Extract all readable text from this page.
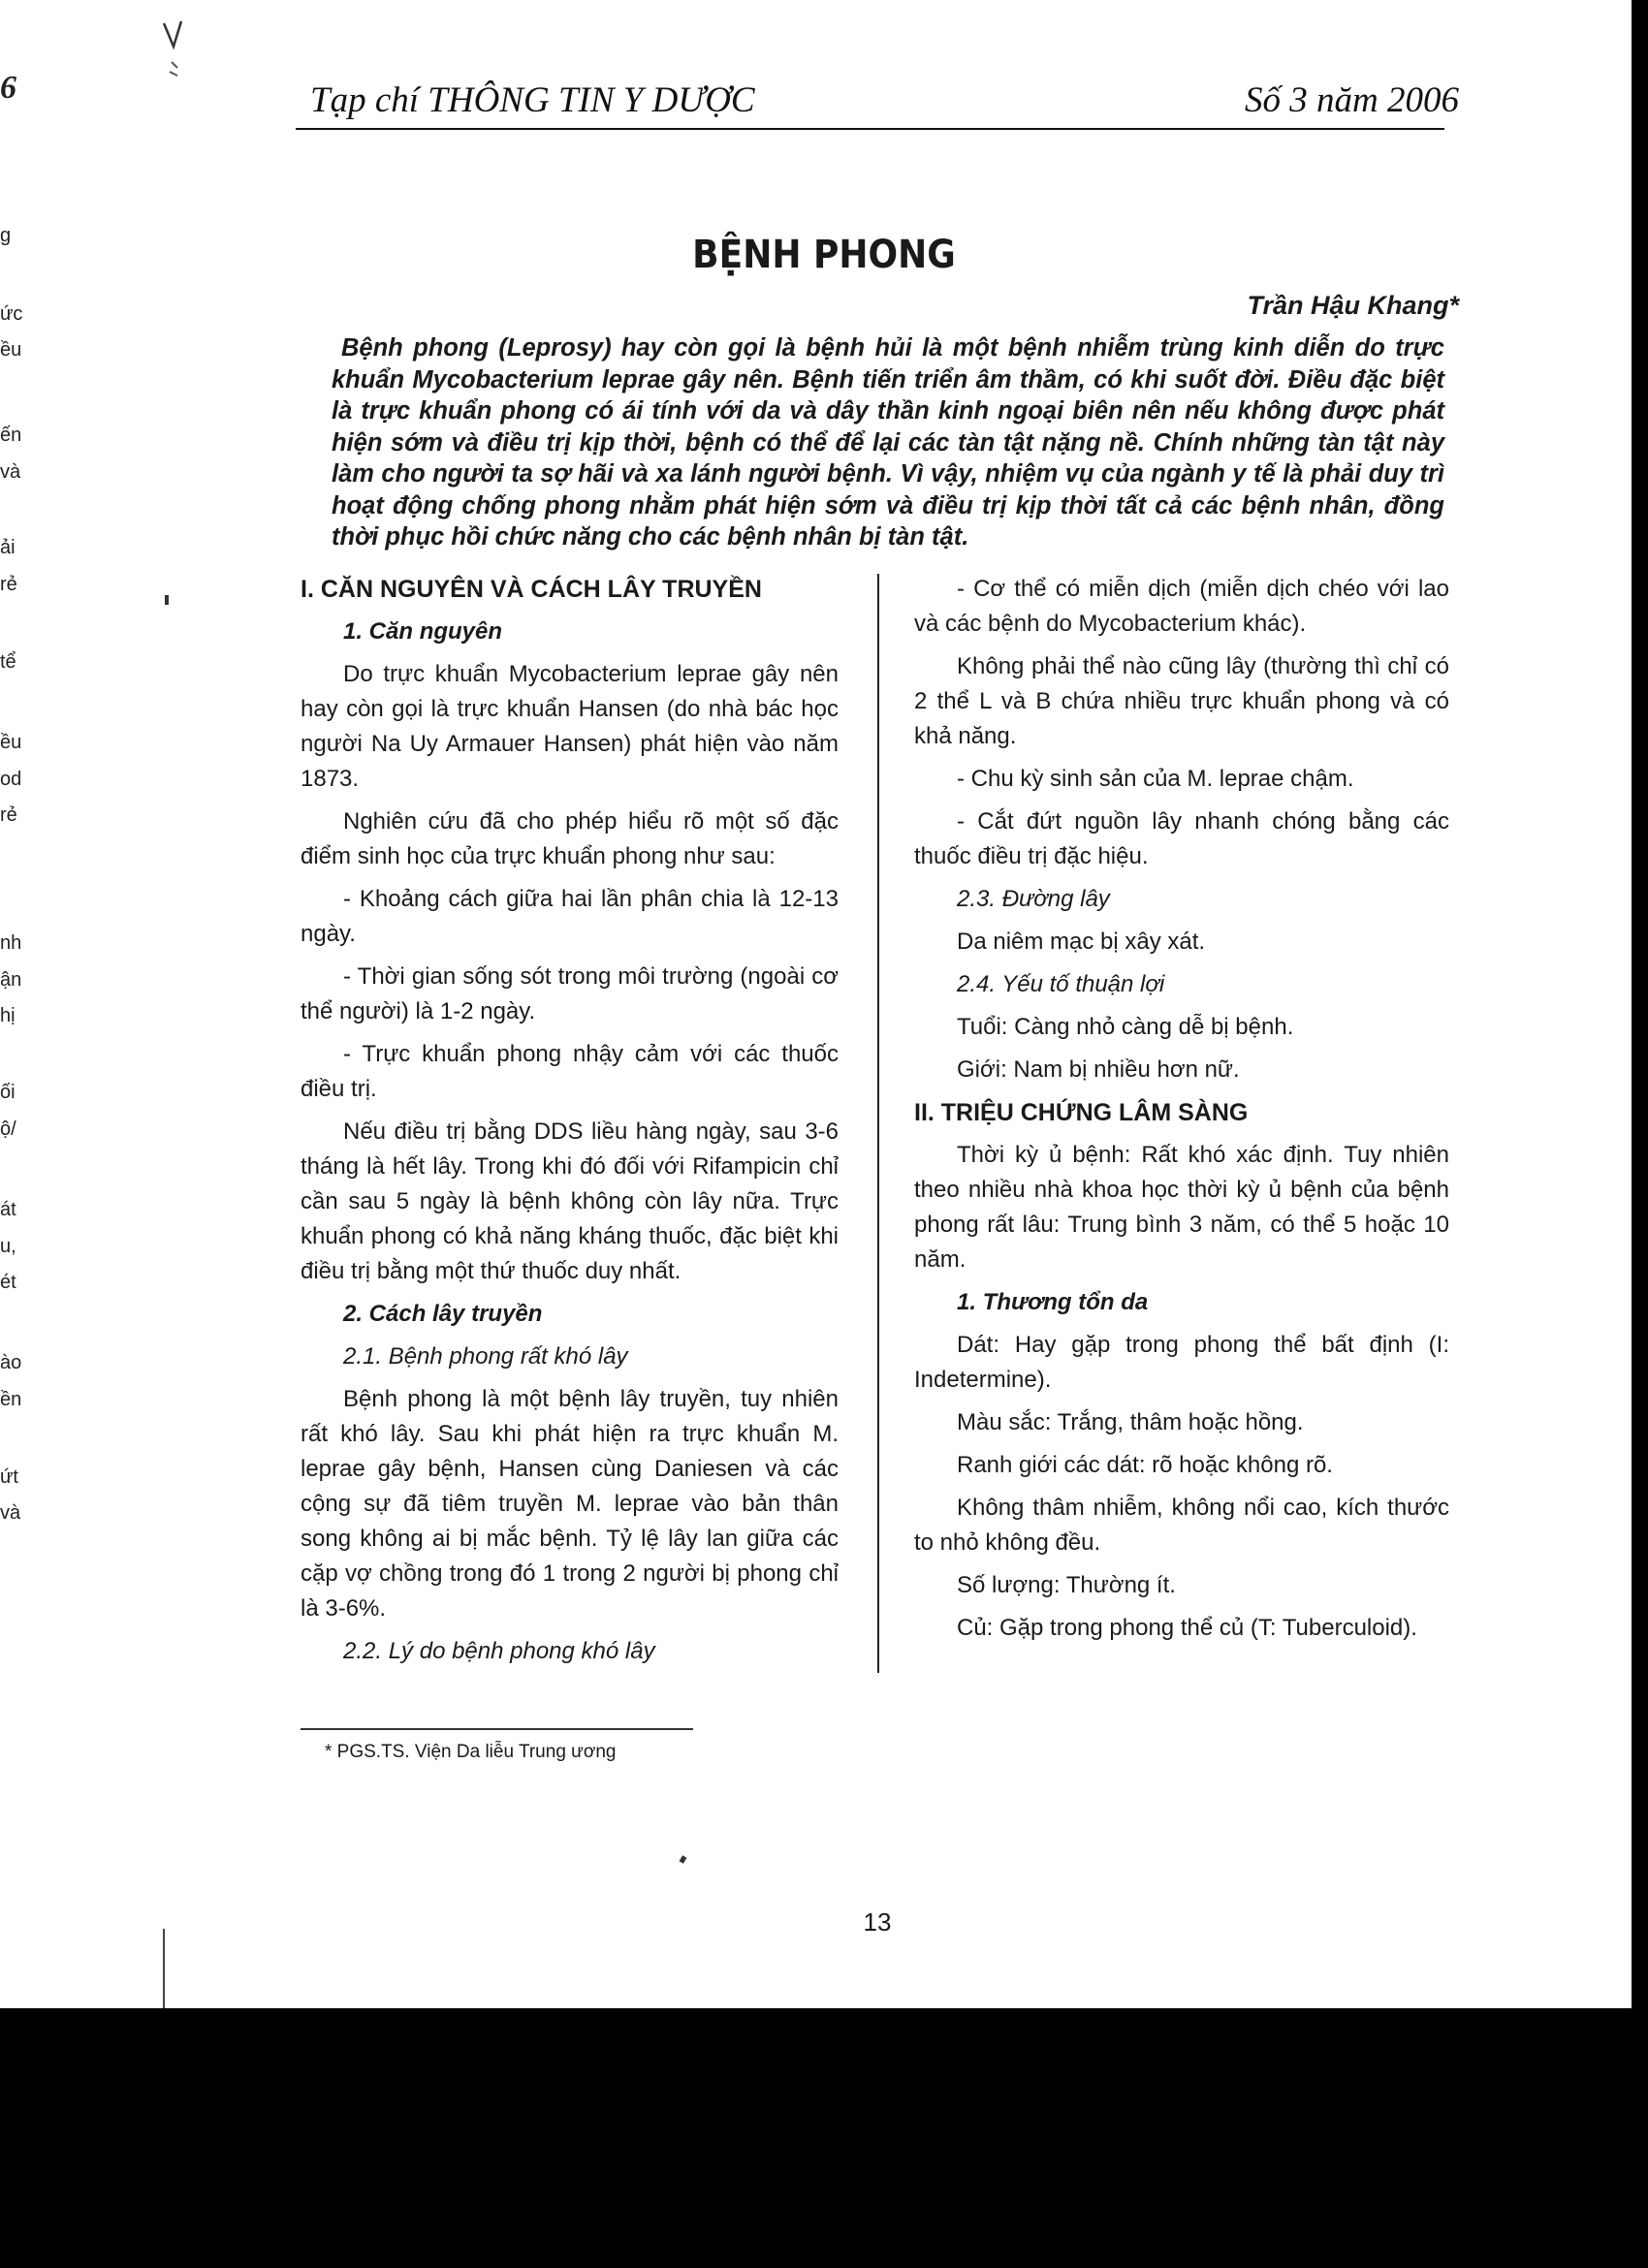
6
g
ức
ều
ến
và
ải
rẻ
tể
ều
od
rẻ
nh
ận
hị
ối
ộ/
át
u,
ét
ào
ền
ứt
và
Tạp chí THÔNG TIN Y DƯỢC	Số 3 năm 2006
BỆNH PHONG
Trần Hậu Khang*

Bệnh phong (Leprosy) hay còn gọi là bệnh hủi là một bệnh nhiễm trùng kinh diễn do trực khuẩn Mycobacterium leprae gây nên. Bệnh tiến triển âm thầm, có khi suốt đời. Điều đặc biệt là trực khuẩn phong có ái tính với da và dây thần kinh ngoại biên nên nếu không được phát hiện sớm và điều trị kịp thời, bệnh có thể để lại các tàn tật nặng nề. Chính những tàn tật này làm cho người ta sợ hãi và xa lánh người bệnh. Vì vậy, nhiệm vụ của ngành y tế là phải duy trì hoạt động chống phong nhằm phát hiện sớm và điều trị kịp thời tất cả các bệnh nhân, đồng thời phục hồi chức năng cho các bệnh nhân bị tàn tật.

I. CĂN NGUYÊN VÀ CÁCH LÂY TRUYỀN
1. Căn nguyên

Do trực khuẩn Mycobacterium leprae gây nên hay còn gọi là trực khuẩn Hansen (do nhà bác học người Na Uy Armauer Hansen) phát hiện vào năm 1873.

Nghiên cứu đã cho phép hiểu rõ một số đặc điểm sinh học của trực khuẩn phong như sau:

- Khoảng cách giữa hai lần phân chia là 12-13 ngày.

- Thời gian sống sót trong môi trường (ngoài cơ thể người) là 1-2 ngày.

- Trực khuẩn phong nhậy cảm với các thuốc điều trị.

Nếu điều trị bằng DDS liều hàng ngày, sau 3-6 tháng là hết lây. Trong khi đó đối với Rifampicin chỉ cần sau 5 ngày là bệnh không còn lây nữa. Trực khuẩn phong có khả năng kháng thuốc, đặc biệt khi điều trị bằng một thứ thuốc duy nhất.

2. Cách lây truyền
2.1. Bệnh phong rất khó lây

Bệnh phong là một bệnh lây truyền, tuy nhiên rất khó lây. Sau khi phát hiện ra trực khuẩn M. leprae gây bệnh, Hansen cùng Daniesen và các cộng sự đã tiêm truyền M. leprae vào bản thân song không ai bị mắc bệnh. Tỷ lệ lây lan giữa các cặp vợ chồng trong đó 1 trong 2 người bị phong chỉ là 3-6%.

2.2. Lý do bệnh phong khó lây

- Cơ thể có miễn dịch (miễn dịch chéo với lao và các bệnh do Mycobacterium khác).

Không phải thể nào cũng lây (thường thì chỉ có 2 thể L và B chứa nhiều trực khuẩn phong và có khả năng.

- Chu kỳ sinh sản của M. leprae chậm.

- Cắt đứt nguồn lây nhanh chóng bằng các thuốc điều trị đặc hiệu.

2.3. Đường lây

Da niêm mạc bị xây xát.

2.4. Yếu tố thuận lợi

Tuổi: Càng nhỏ càng dễ bị bệnh.

Giới: Nam bị nhiều hơn nữ.

II. TRIỆU CHỨNG LÂM SÀNG

Thời kỳ ủ bệnh: Rất khó xác định. Tuy nhiên theo nhiều nhà khoa học thời kỳ ủ bệnh của bệnh phong rất lâu: Trung bình 3 năm, có thể 5 hoặc 10 năm.

1. Thương tổn da

Dát: Hay gặp trong phong thể bất định (I: Indetermine).

Màu sắc: Trắng, thâm hoặc hồng.

Ranh giới các dát: rõ hoặc không rõ.

Không thâm nhiễm, không nổi cao, kích thước to nhỏ không đều.

Số lượng: Thường ít.

Củ: Gặp trong phong thể củ (T: Tuberculoid).

* PGS.TS. Viện Da liễu Trung ương
13
